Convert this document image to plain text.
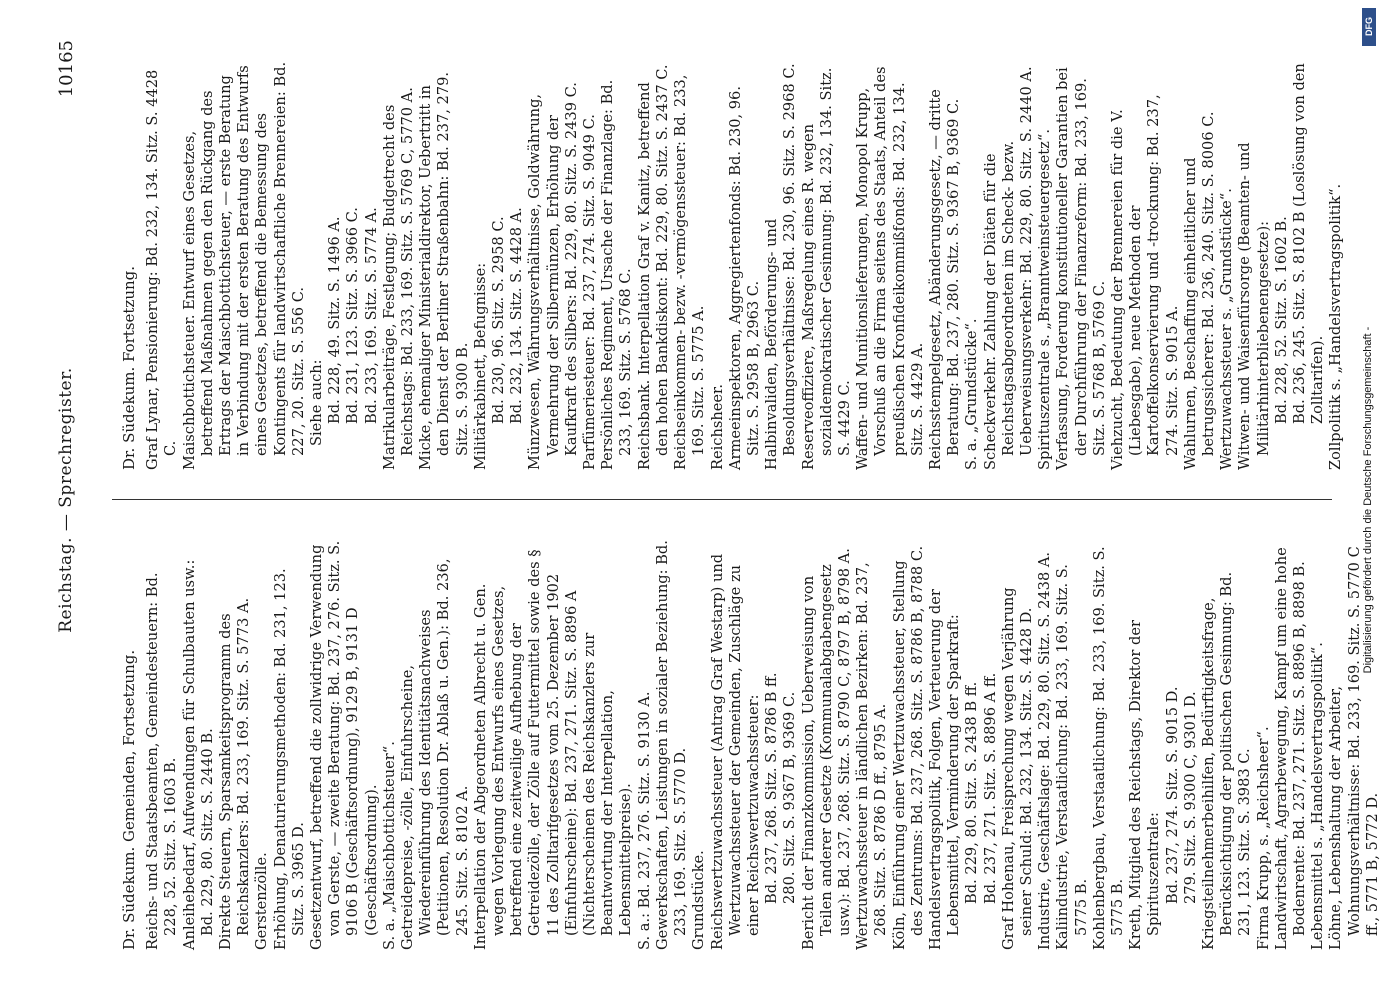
Reichstag. — Sprechregister.
10165

Dr. Südekum. Gemeinden, Fortsetzung. Reichs- und Staatsbeamten, Gemeindesteuern: Bd. 228, 52. Sitz. S. 1603 B. Anleihebedarf, Aufwendungen für Schulbauten usw.: Bd. 229, 80. Sitz. S. 2440 B. Direkte Steuern, Sparsamkeitsprogramm des Reichskanzlers: Bd. 233, 169. Sitz. S. 5773 A. Gerstenzölle. Erhöhung, Denaturierungsmethoden: Bd. 231, 123. Sitz. S. 3965 D. Gesetzentwurf, betreffend die zollwidrige Verwendung von Gerste, — zweite Beratung: Bd. 237, 276. Sitz. S. 9106 B (Geschäftsordnung), 9129 B, 9131 D (Geschäftsordnung). S. a. „Maischbottichsteuer“. Getreidepreise, -zölle, Einfuhrscheine, Wiedereinführung des Identitätsnachweises (Petitionen, Resolution Dr. Ablaß u. Gen.): Bd. 236, 245. Sitz. S. 8102 A. Interpellation der Abgeordneten Albrecht u. Gen. wegen Vorlegung des Entwurfs eines Gesetzes, betreffend eine zeitweilige Aufhebung der Getreidezölle, der Zölle auf Futtermittel sowie des § 11 des Zolltarifgesetzes vom 25. Dezember 1902 (Einfuhrscheine): Bd. 237, 271. Sitz. S. 8896 A (Nichterscheinen des Reichskanzlers zur Beantwortung der Interpellation, Lebensmittelpreise). S. a.: Bd. 237, 276. Sitz. S. 9130 A. Gewerkschaften, Leistungen in sozialer Beziehung: Bd. 233, 169. Sitz. S. 5770 D. Grundstücke. Reichswertzuwachssteuer (Antrag Graf Westarp) und Wertzuwachssteuer der Gemeinden, Zuschläge zu einer Reichswertzuwachssteuer: Bd. 237, 268. Sitz. S. 8786 B ff. 280. Sitz. S. 9367 B, 9369 C. Bericht der Finanzkommission, Ueberweisung von Teilen anderer Gesetze (Kommunalabgabengesetz usw.): Bd. 237, 268. Sitz. S. 8790 C, 8797 B, 8798 A. Wertzuwachssteuer in ländlichen Bezirken: Bd. 237, 268. Sitz. S. 8786 D ff., 8795 A. Köln, Einführung einer Wertzuwachssteuer, Stellung des Zentrums: Bd. 237, 268. Sitz. S. 8786 B, 8788 C. Handelsvertragspolitik, Folgen, Verteuerung der Lebensmittel, Verminderung der Sparkraft: Bd. 229, 80. Sitz. S. 2438 B ff. Bd. 237, 271. Sitz. S. 8896 A ff. Graf Hohenau, Freisprechung wegen Verjährung seiner Schuld: Bd. 232, 134. Sitz. S. 4428 D. Industrie, Geschäftslage: Bd. 229, 80. Sitz. S. 2438 A. Kaliindustrie, Verstaatlichung: Bd. 233, 169. Sitz. S. 5775 B. Kohlenbergbau, Verstaatlichung: Bd. 233, 169. Sitz. S. 5775 B. Kreth, Mitglied des Reichstags, Direktor der Spirituszentrale: Bd. 237, 274. Sitz. S. 9015 D. 279. Sitz. S. 9300 C, 9301 D. Kriegsteilnehmerbeihilfen, Bedürftigkeitsfrage, Berücksichtigung der politischen Gesinnung: Bd. 231, 123. Sitz. S. 3983 C. Firma Krupp, s. „Reichsheer“. Landwirtschaft, Agrarbewegung, Kampf um eine hohe Bodenrente: Bd. 237, 271. Sitz. S. 8896 B, 8898 B. Lebensmittel s. „Handelsvertragspolitik“. Löhne, Lebenshaltung der Arbeiter, Wohnungsverhältnisse: Bd. 233, 169. Sitz. S. 5770 C ff., 5771 B, 5772 D.

Dr. Südekum. Fortsetzung. Graf Lynar, Pensionierung: Bd. 232, 134. Sitz. S. 4428 C. Maischbottichsteuer. Entwurf eines Gesetzes, betreffend Maßnahmen gegen den Rückgang des Ertrags der Maischbottichsteuer, — erste Beratung in Verbindung mit der ersten Beratung des Entwurfs eines Gesetzes, betreffend die Bemessung des Kontingents für landwirtschaftliche Brennereien: Bd. 227, 20. Sitz. S. 556 C. Siehe auch: Bd. 228, 49. Sitz. S. 1496 A. Bd. 231, 123. Sitz. S. 3966 C. Bd. 233, 169. Sitz. S. 5774 A. Matrikularbeiträge, Festlegung; Budgetrecht des Reichstags: Bd. 233, 169. Sitz. S. 5769 C, 5770 A. Micke, ehemaliger Ministerialdirektor, Uebertritt in den Dienst der Berliner Straßenbahn: Bd. 237, 279. Sitz. S. 9300 B. Militärkabinett, Befugnisse: Bd. 230, 96. Sitz. S. 2958 C. Bd. 232, 134. Sitz. S. 4428 A. Münzwesen, Währungsverhältnisse, Goldwährung, Vermehrung der Silbermünzen, Erhöhung der Kaufkraft des Silbers: Bd. 229, 80. Sitz. S. 2439 C. Parfümeriesteuer: Bd. 237, 274. Sitz. S. 9049 C. Persönliches Regiment, Ursache der Finanzlage: Bd. 233, 169. Sitz. S. 5768 C. Reichsbank. Interpellation Graf v. Kanitz, betreffend den hohen Bankdiskont: Bd. 229, 80. Sitz. S. 2437 C. Reichseinkommen- bezw. -vermögenssteuer: Bd. 233, 169. Sitz. S. 5775 A. Reichsheer. Armeeinspektoren, Aggregiertenfonds: Bd. 230, 96. Sitz. S. 2958 B, 2963 C. Halbinvaliden, Beförderungs- und Besoldungsverhältnisse: Bd. 230, 96. Sitz. S. 2968 C. Reserveoffiziere, Maßregelung eines R. wegen sozialdemokratischer Gesinnung: Bd. 232, 134. Sitz. S. 4429 C. Waffen- und Munitionslieferungen, Monopol Krupp, Vorschuß an die Firma seitens des Staats, Anteil des preußischen Kronfideikommißfonds: Bd. 232, 134. Sitz. S. 4429 A. Reichsstempelgesetz, Abänderungsgesetz, — dritte Beratung: Bd. 237, 280. Sitz. S. 9367 B, 9369 C. S. a. „Grundstücke“. Scheckverkehr. Zahlung der Diäten für die Reichstagsabgeordneten im Scheck- bezw. Ueberweisungsverkehr: Bd. 229, 80. Sitz. S. 2440 A. Spirituszentrale s. „Branntweinsteuergesetz“. Verfassung, Forderung konstitutioneller Garantien bei der Durchführung der Finanzreform: Bd. 233, 169. Sitz. S. 5768 B, 5769 C. Viehzucht, Bedeutung der Brennereien für die V. (Liebesgabe), neue Methoden der Kartoffelkonservierung und -trocknung: Bd. 237, 274. Sitz. S. 9015 A. Wahlurnen, Beschaffung einheitlicher und betrugssicherer: Bd. 236, 240. Sitz. S. 8006 C. Wertzuwachssteuer s. „Grundstücke“. Witwen- und Waisenfürsorge (Beamten- und Militärhinterbliebenengesetze): Bd. 228, 52. Sitz. S. 1602 B. Bd. 236, 245. Sitz. S. 8102 B (Loslösung von den Zolltarifen). Zollpolitik s. „Handelsvertragspolitik“. Digitalisierung gefördert durch die Deutsche Forschungsgemeinschaft -
DFG
